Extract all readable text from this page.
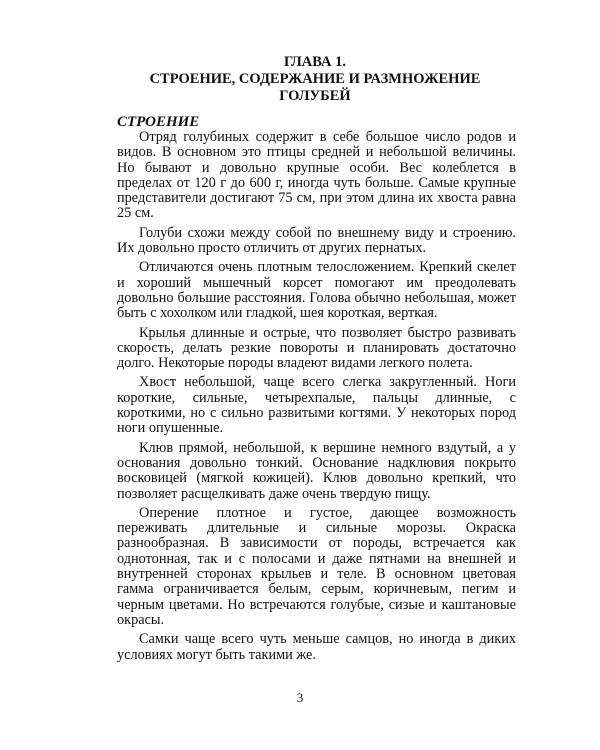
ГЛАВА 1.
СТРОЕНИЕ, СОДЕРЖАНИЕ И РАЗМНОЖЕНИЕ
ГОЛУБЕЙ
СТРОЕНИЕ

Отряд голубиных содержит в себе большое число родов и видов. В основном это птицы средней и небольшой величины. Но бывают и довольно крупные особи. Вес колеблется в пределах от 120 г до 600 г, иногда чуть больше. Самые крупные представители достигают 75 см, при этом длина их хвоста равна 25 см.

Голуби схожи между собой по внешнему виду и строению. Их довольно просто отличить от других пернатых.

Отличаются очень плотным телосложением. Крепкий скелет и хороший мышечный корсет помогают им преодолевать довольно большие расстояния. Голова обычно небольшая, может быть с хохолком или гладкой, шея короткая, верткая.

Крылья длинные и острые, что позволяет быстро развивать скорость, делать резкие повороты и планировать достаточно долго. Некоторые породы владеют видами легкого полета.

Хвост небольшой, чаще всего слегка закругленный. Ноги короткие, сильные, четырехпалые, пальцы длинные, с короткими, но с сильно развитыми когтями. У некоторых пород ноги опушенные.

Клюв прямой, небольшой, к вершине немного вздутый, а у основания довольно тонкий. Основание надклювия покрыто восковицей (мягкой кожицей). Клюв довольно крепкий, что позволяет расщелкивать даже очень твердую пищу.

Оперение плотное и густое, дающее возможность переживать длительные и сильные морозы. Окраска разнообразная. В зависимости от породы, встречается как однотонная, так и с полосами и даже пятнами на внешней и внутренней сторонах крыльев и теле. В основном цветовая гамма ограничивается белым, серым, коричневым, пегим и черным цветами. Но встречаются голубые, сизые и каштановые окрасы.

Самки чаще всего чуть меньше самцов, но иногда в диких условиях могут быть такими же.

3
